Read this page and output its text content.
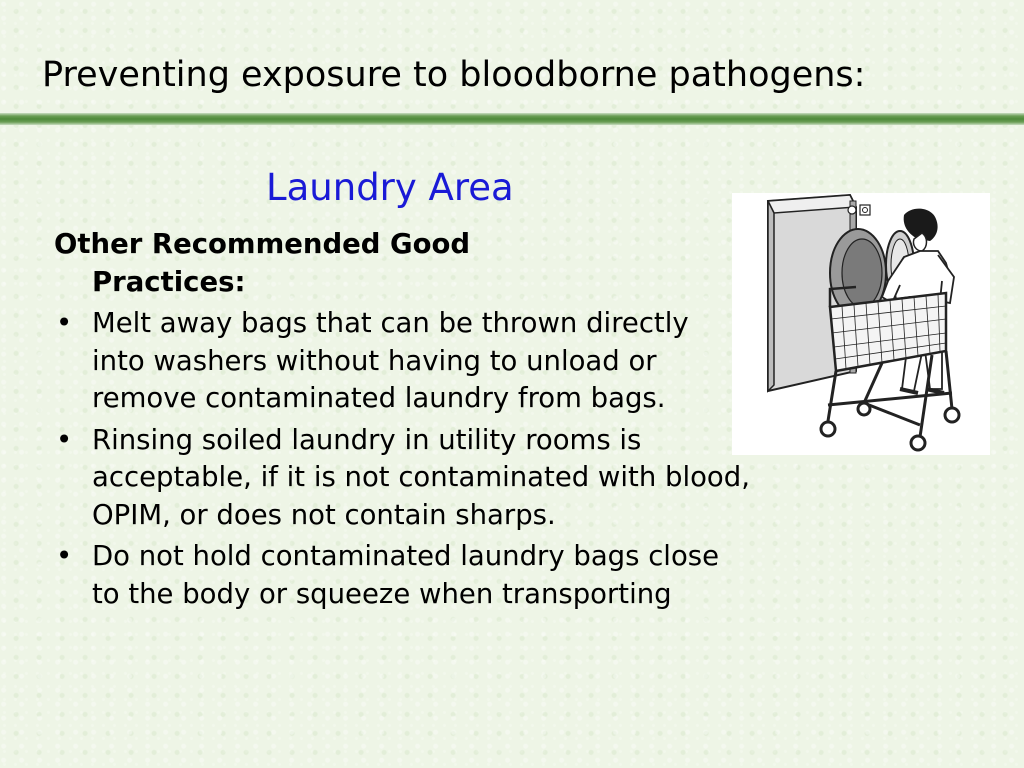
Preventing exposure to bloodborne pathogens:
Laundry Area
Other Recommended Good Practices:
• Melt away bags that can be thrown directly into washers without having to unload or remove contaminated laundry from bags.
• Rinsing soiled laundry in utility rooms is acceptable, if it is not contaminated with blood, OPIM, or does not contain sharps.
• Do not hold contaminated laundry bags close to the body or squeeze when transporting
